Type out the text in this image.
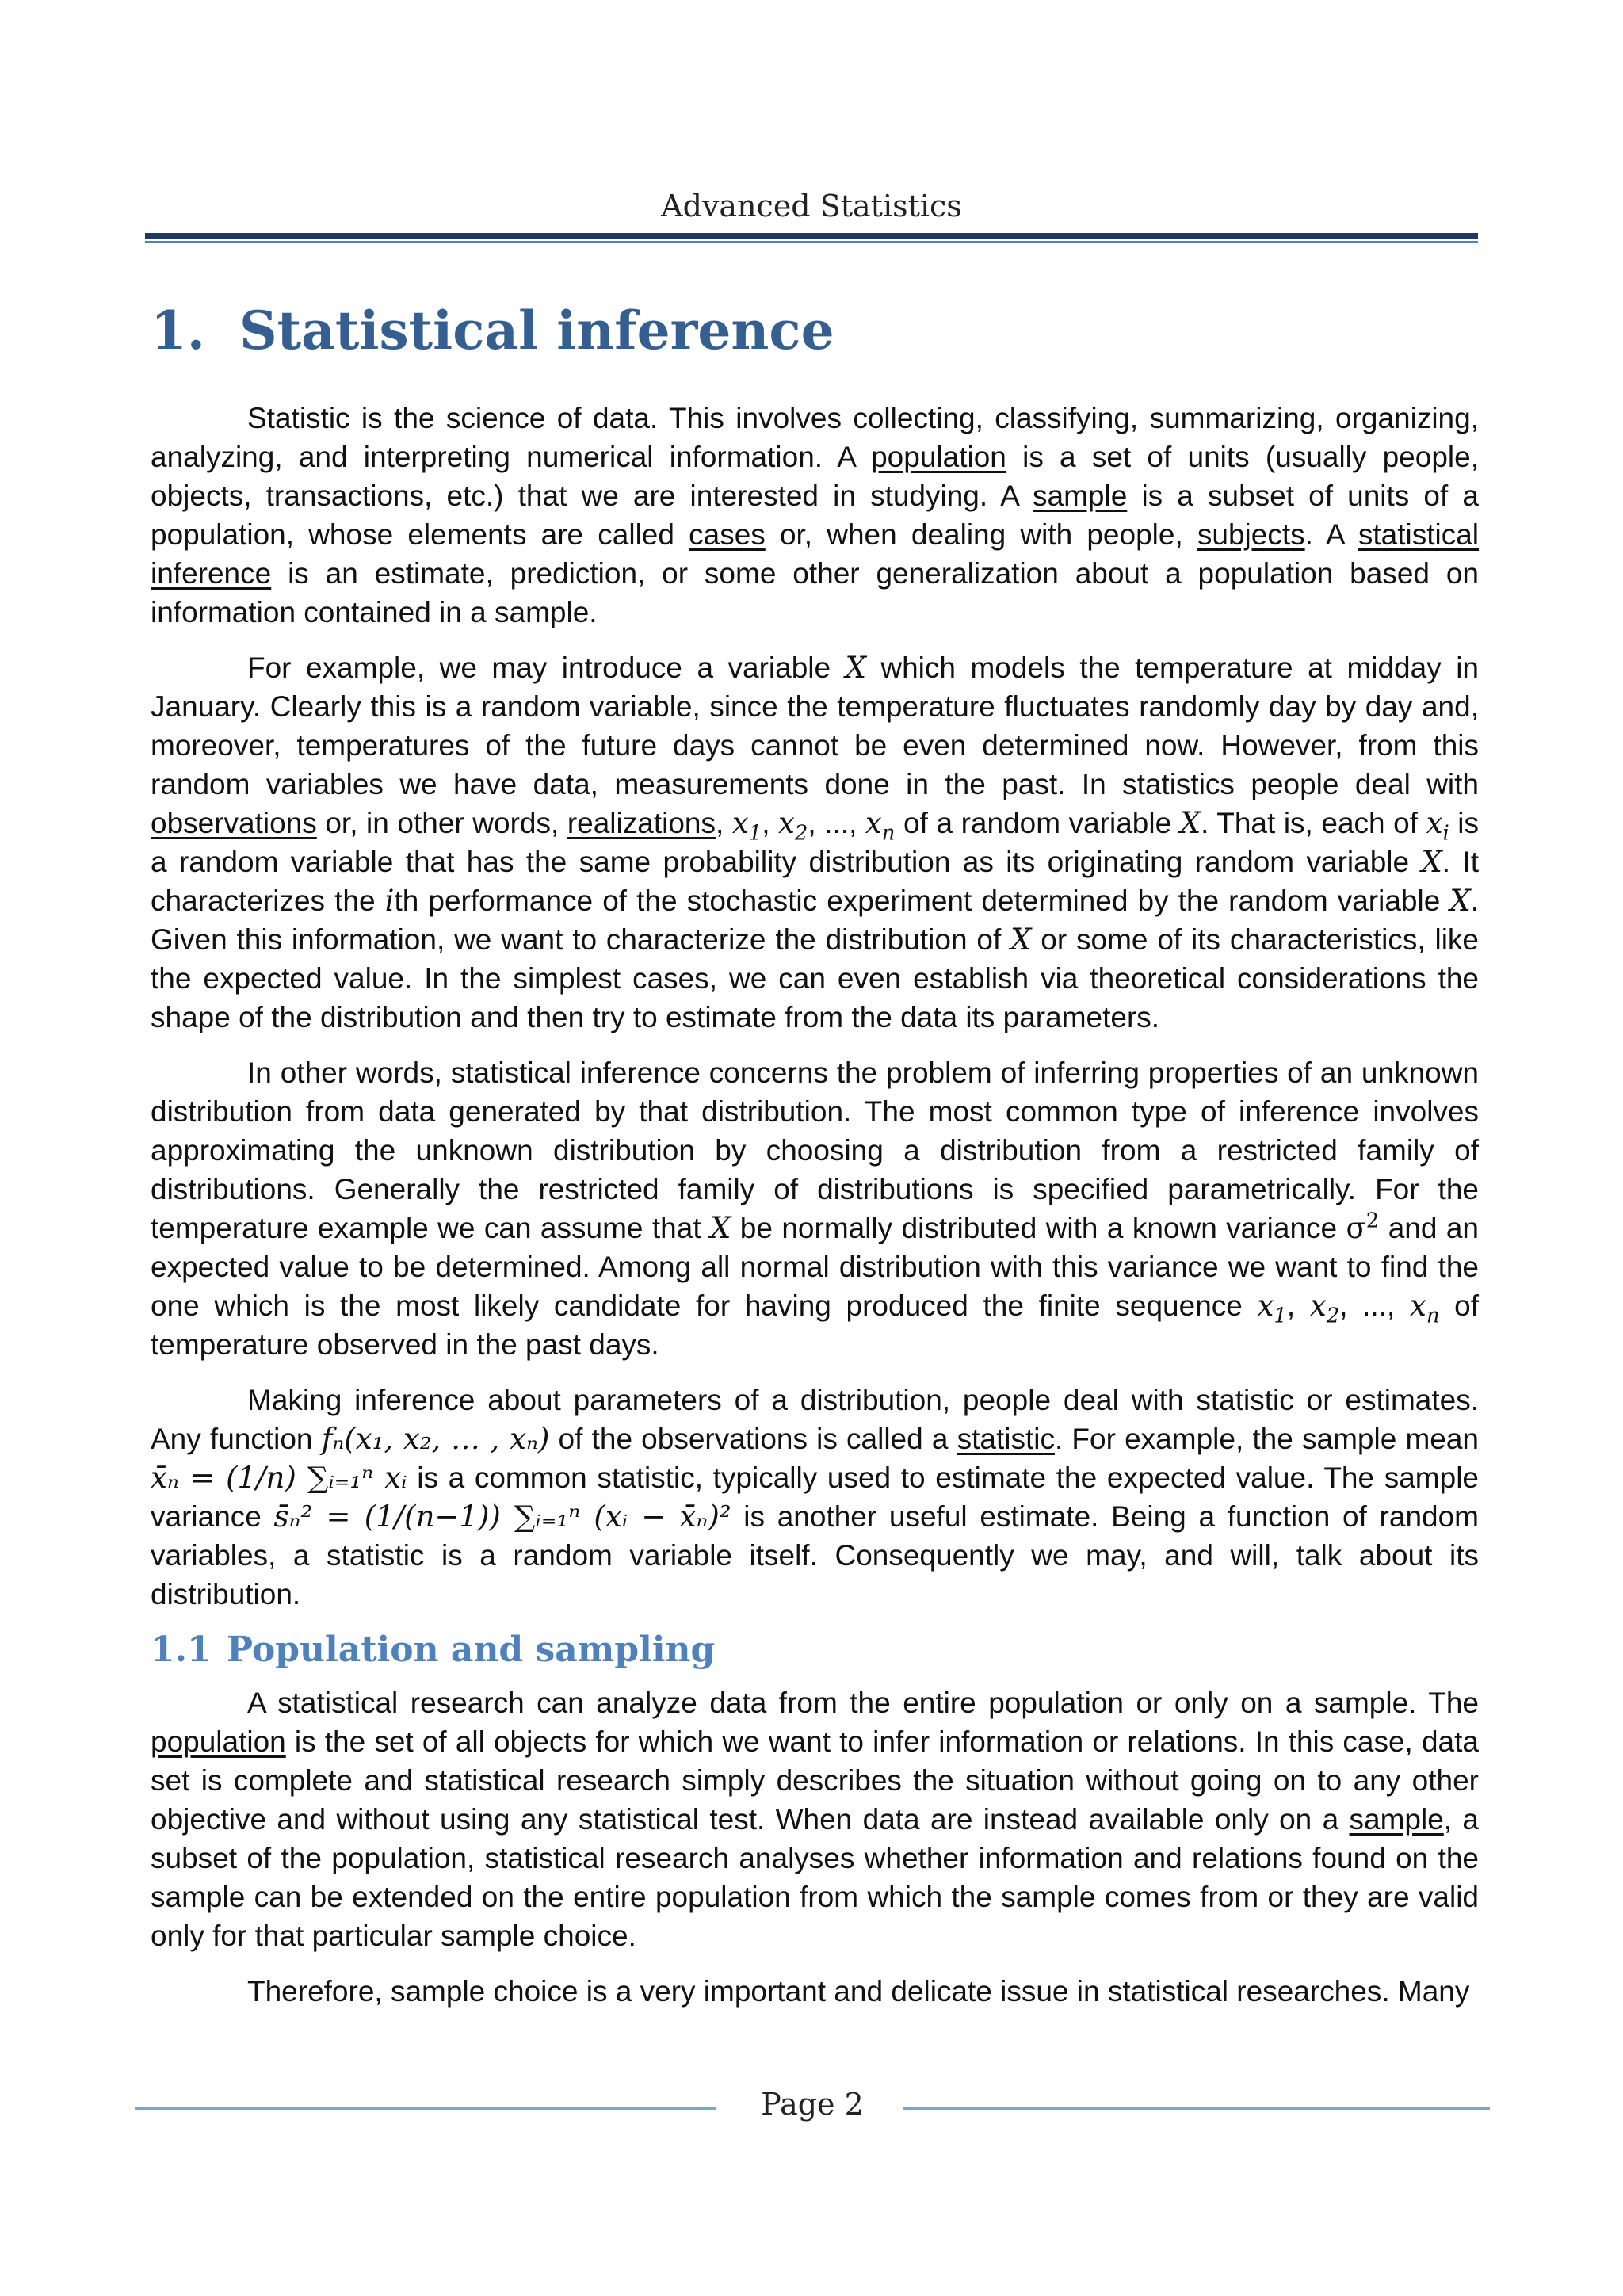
Advanced Statistics
1. Statistical inference

Statistic is the science of data. This involves collecting, classifying, summarizing, organizing, analyzing, and interpreting numerical information. A population is a set of units (usually people, objects, transactions, etc.) that we are interested in studying. A sample is a subset of units of a population, whose elements are called cases or, when dealing with people, subjects. A statistical inference is an estimate, prediction, or some other generalization about a population based on information contained in a sample.

For example, we may introduce a variable X which models the temperature at midday in January. Clearly this is a random variable, since the temperature fluctuates randomly day by day and, moreover, temperatures of the future days cannot be even determined now. However, from this random variables we have data, measurements done in the past. In statistics people deal with observations or, in other words, realizations, $x_1$, $x_2$, ..., $x_n$ of a random variable X. That is, each of $x_i$ is a random variable that has the same probability distribution as its originating random variable X. It characterizes the ith performance of the stochastic experiment determined by the random variable X. Given this information, we want to characterize the distribution of X or some of its characteristics, like the expected value. In the simplest cases, we can even establish via theoretical considerations the shape of the distribution and then try to estimate from the data its parameters.

In other words, statistical inference concerns the problem of inferring properties of an unknown distribution from data generated by that distribution. The most common type of inference involves approximating the unknown distribution by choosing a distribution from a restricted family of distributions. Generally the restricted family of distributions is specified parametrically. For the temperature example we can assume that X be normally distributed with a known variance $\sigma^2$ and an expected value to be determined. Among all normal distribution with this variance we want to find the one which is the most likely candidate for having produced the finite sequence $x_1$, $x_2$, ..., $x_n$ of temperature observed in the past days.

Making inference about parameters of a distribution, people deal with statistic or estimates. Any function fₙ(x₁, x₂, … , xₙ) of the observations is called a statistic. For example, the sample mean x̄ₙ = (1/n) ∑ᵢ₌₁ⁿ xᵢ is a common statistic, typically used to estimate the expected value. The sample variance s̄ₙ² = (1/(n−1)) ∑ᵢ₌₁ⁿ (xᵢ − x̄ₙ)² is another useful estimate. Being a function of random variables, a statistic is a random variable itself. Consequently we may, and will, talk about its distribution.

1.1 Population and sampling

A statistical research can analyze data from the entire population or only on a sample. The population is the set of all objects for which we want to infer information or relations. In this case, data set is complete and statistical research simply describes the situation without going on to any other objective and without using any statistical test. When data are instead available only on a sample, a subset of the population, statistical research analyses whether information and relations found on the sample can be extended on the entire population from which the sample comes from or they are valid only for that particular sample choice.

Therefore, sample choice is a very important and delicate issue in statistical researches. Many

Page 2
